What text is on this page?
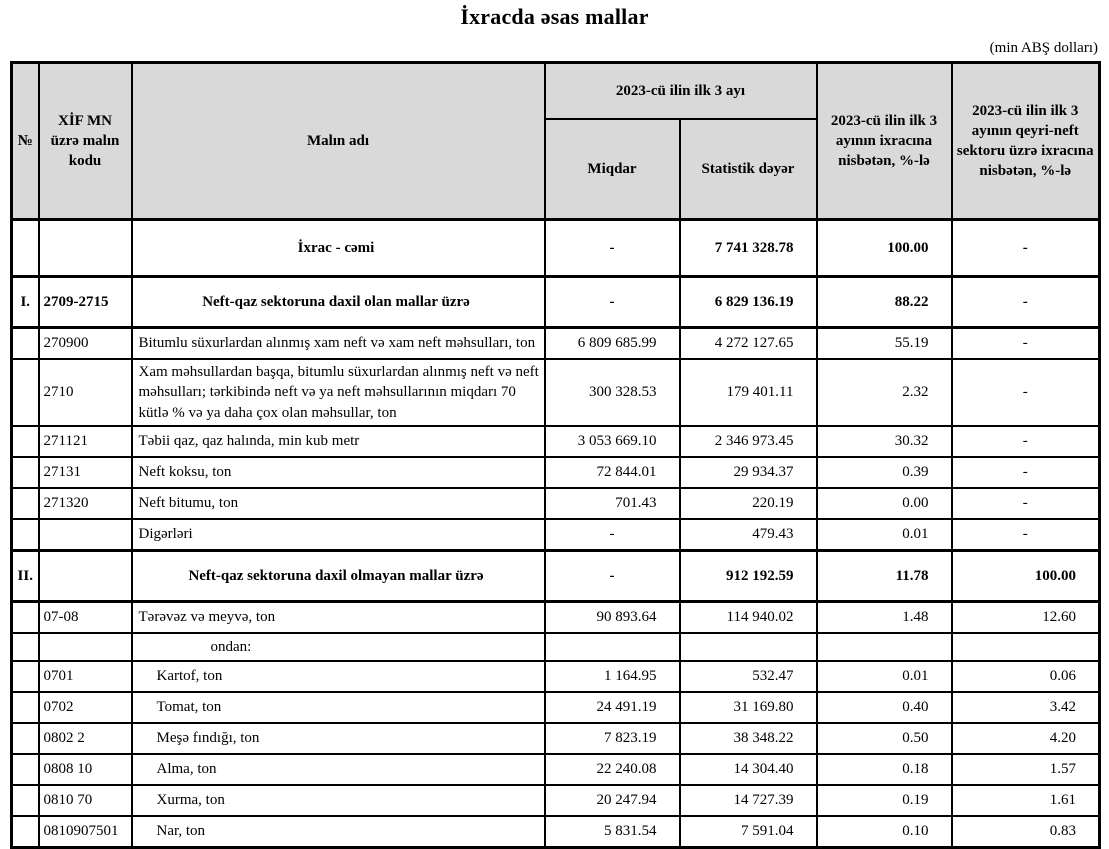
İxracda əsas mallar
(min ABŞ dolları)
№	XİF MN üzrə malın kodu	Malın adı	2023-cü ilin ilk 3 ayı		2023-cü ilin ilk 3 ayının ixracına nisbətən, %-lə	2023-cü ilin ilk 3 ayının qeyri-neft sektoru üzrə ixracına nisbətən, %-lə
			Miqdar	Statistik dəyər		
		İxrac - cəmi	-	7 741 328.78	100.00	-
I.	2709-2715	Neft-qaz sektoruna daxil olan mallar üzrə	-	6 829 136.19	88.22	-
	270900	Bitumlu süxurlardan alınmış xam neft və xam neft məhsulları, ton	6 809 685.99	4 272 127.65	55.19	-
	2710	Xam məhsullardan başqa, bitumlu süxurlardan alınmış neft və neft məhsulları; tərkibində neft və ya neft məhsullarının miqdarı 70 kütlə % və ya daha çox olan məhsullar, ton	300 328.53	179 401.11	2.32	-
	271121	Təbii qaz, qaz halında, min kub metr	3 053 669.10	2 346 973.45	30.32	-
	27131	Neft koksu, ton	72 844.01	29 934.37	0.39	-
	271320	Neft bitumu, ton	701.43	220.19	0.00	-
		Digərləri	-	479.43	0.01	-
II.		Neft-qaz sektoruna daxil olmayan mallar üzrə	-	912 192.59	11.78	100.00
	07-08	Tərəvəz və meyvə, ton	90 893.64	114 940.02	1.48	12.60
		ondan:				
	0701	Kartof, ton	1 164.95	532.47	0.01	0.06
	0702	Tomat, ton	24 491.19	31 169.80	0.40	3.42
	0802 2	Meşə fındığı, ton	7 823.19	38 348.22	0.50	4.20
	0808 10	Alma, ton	22 240.08	14 304.40	0.18	1.57
	0810 70	Xurma, ton	20 247.94	14 727.39	0.19	1.61
	0810907501	Nar, ton	5 831.54	7 591.04	0.10	0.83
